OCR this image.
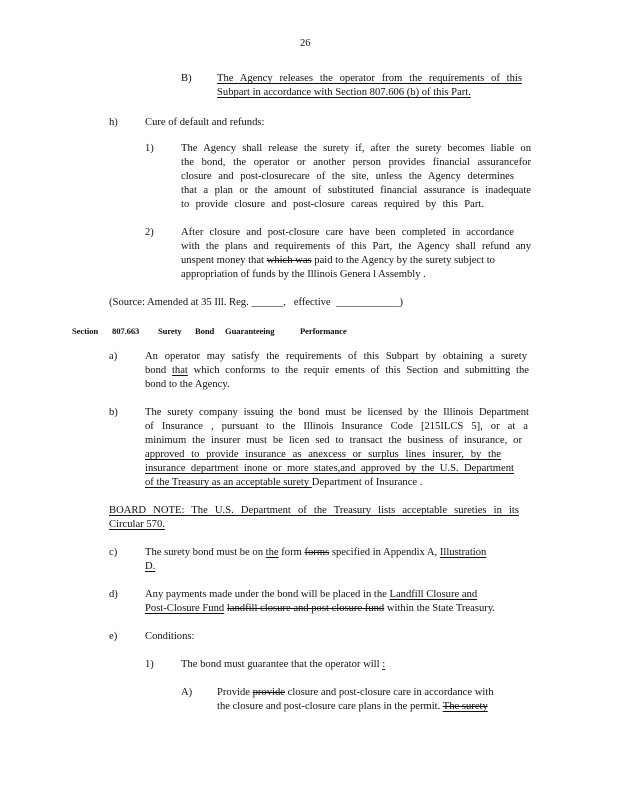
26
B) The Agency releases the operator from the requirements of this
Subpart in accordance with Section 807.606 (b) of this Part.
h)	Cure of default and refunds:
1)	The Agency shall release the surety if, after the surety becomes liable on
the bond, the operator or another person provides financial assurancefor
closure and post-closurecare of the site, unless the Agency determines
that a plan or the amount of substituted financial assurance is inadequate
to provide closure and post-closure careas required by this Part.
2)	After closure and post-closure care have been completed in accordance
with the plans and requirements of this Part, the Agency shall refund any
unspent money that which was paid to the Agency by the surety subject to
appropriation of funds by the Illinois Genera l Assembly .
(Source: Amended at 35 Ill. Reg. ______,   effective ____________)
Section 807.663 Surety Bond Guaranteeing	Performance
a)	An operator may satisfy the requirements of this Subpart by obtaining a surety
bond that which conforms to the requir ements of this Section and submitting the
bond to the Agency.
b)	The surety company issuing the bond must be licensed by the Illinois Department
of Insurance , pursuant to the Illinois Insurance Code [215ILCS 5], or at a
minimum the insurer must be licen sed to transact the business of insurance, or
approved to provide insurance as anexcess or surplus lines insurer, by the
insurance department inone or more states,and approved by the U.S. Department
of the Treasury as an acceptable surety Department of Insurance .
BOARD NOTE: The U.S. Department of the Treasury lists acceptable sureties in its
Circular 570.
c)	The surety bond must be on the form forms specified in Appendix A, Illustration
D.
d)	Any payments made under the bond will be placed in the Landfill Closure and
Post-Closure Fund landfill closure and post closure fund within the State Treasury.
e)	Conditions:
1)	The bond must guarantee that the operator will :
A) Provide provide closure and post-closure care in accordance with
the closure and post-closure care plans in the permit. The surety
